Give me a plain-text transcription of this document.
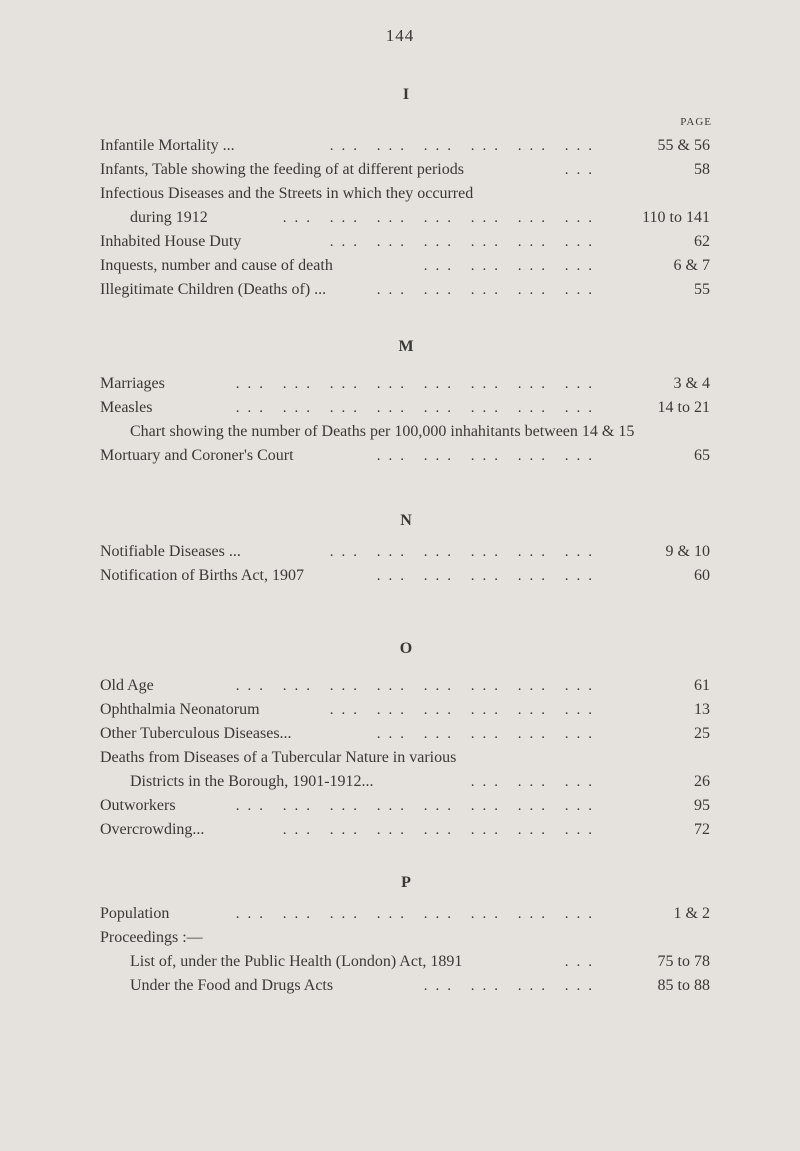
144
I
PAGE
Infantile Mortality ...	... ... ... ... ... ...	55 & 56
Infants, Table showing the feeding of at different periods	...	58
Infectious Diseases and the Streets in which they occurred
during 1912	... ... ... ... ... ... ...	110 to 141
Inhabited House Duty	... ... ... ... ... ...	62
Inquests, number and cause of death	... ... ... ...	6 & 7
Illegitimate Children (Deaths of) ...	... ... ... ... ...	55
M
Marriages	... ... ... ... ... ... ... ...	3 & 4
Measles	... ... ... ... ... ... ... ...	14 to 21
Chart showing the number of Deaths per 100,000 inhahitants between 14 & 15
Mortuary and Coroner's Court	... ... ... ... ...	65
N
Notifiable Diseases ...	... ... ... ... ... ...	9 & 10
Notification of Births Act, 1907	... ... ... ... ...	60
O
Old Age	... ... ... ... ... ... ... ...	61
Ophthalmia Neonatorum	... ... ... ... ... ...	13
Other Tuberculous Diseases...	... ... ... ... ...	25
Deaths from Diseases of a Tubercular Nature in various
Districts in the Borough, 1901-1912...	... ... ...	26
Outworkers	... ... ... ... ... ... ... ...	95
Overcrowding...	... ... ... ... ... ... ...	72
P
Population	... ... ... ... ... ... ... ...	1 & 2
Proceedings :—
List of, under the Public Health (London) Act, 1891	...	75 to 78
Under the Food and Drugs Acts	... ... ... ...	85 to 88
